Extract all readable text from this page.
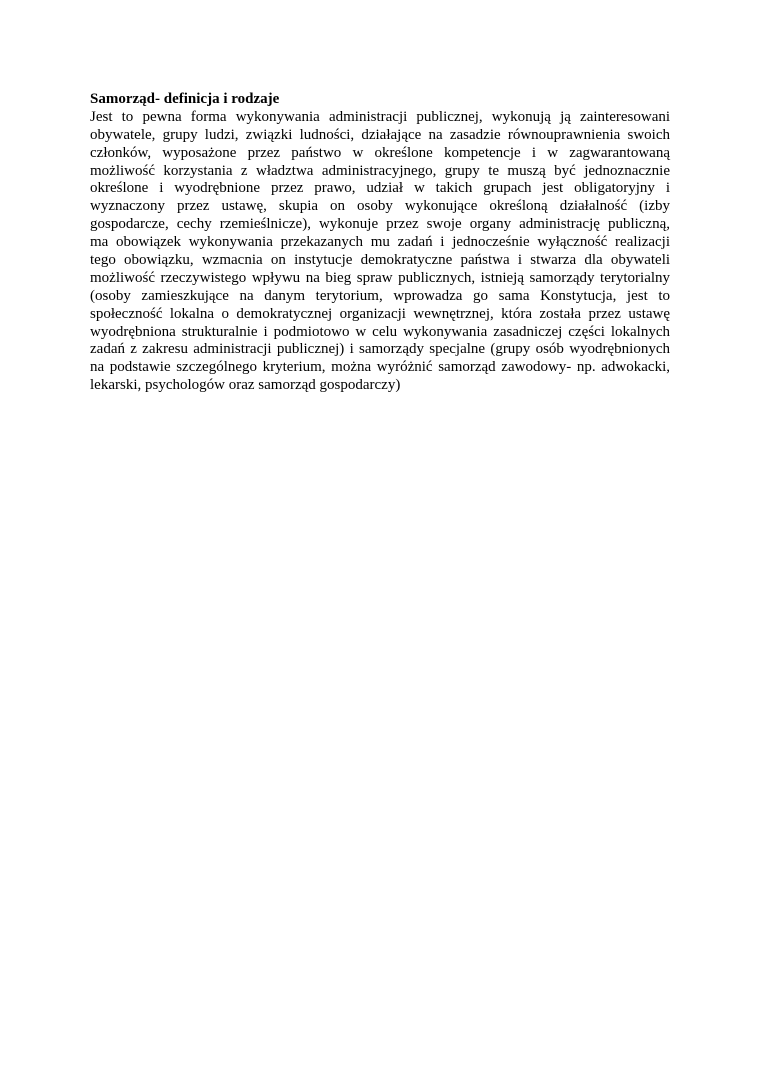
Samorząd- definicja i rodzaje
Jest to pewna forma wykonywania administracji publicznej, wykonują ją zainteresowani
obywatele, grupy ludzi, związki ludności, działające na zasadzie równouprawnienia swoich
członków, wyposażone przez państwo w określone kompetencje i w zagwarantowaną
możliwość korzystania z władztwa administracyjnego, grupy te muszą być jednoznacznie
określone i wyodrębnione przez prawo, udział w takich grupach jest obligatoryjny i
wyznaczony przez ustawę, skupia on osoby wykonujące określoną działalność (izby
gospodarcze, cechy rzemieślnicze), wykonuje przez swoje organy administrację publiczną,
ma obowiązek wykonywania przekazanych mu zadań i jednocześnie wyłączność realizacji
tego obowiązku, wzmacnia on instytucje demokratyczne państwa i stwarza dla obywateli
możliwość rzeczywistego wpływu na bieg spraw publicznych, istnieją samorządy terytorialny
(osoby zamieszkujące na danym terytorium, wprowadza go sama Konstytucja, jest to
społeczność lokalna o demokratycznej organizacji wewnętrznej, która została przez ustawę
wyodrębniona strukturalnie i podmiotowo w celu wykonywania zasadniczej części lokalnych
zadań z zakresu administracji publicznej) i samorządy specjalne (grupy osób wyodrębnionych
na podstawie szczególnego kryterium, można wyróżnić samorząd zawodowy- np. adwokacki,
lekarski, psychologów oraz samorząd gospodarczy)
